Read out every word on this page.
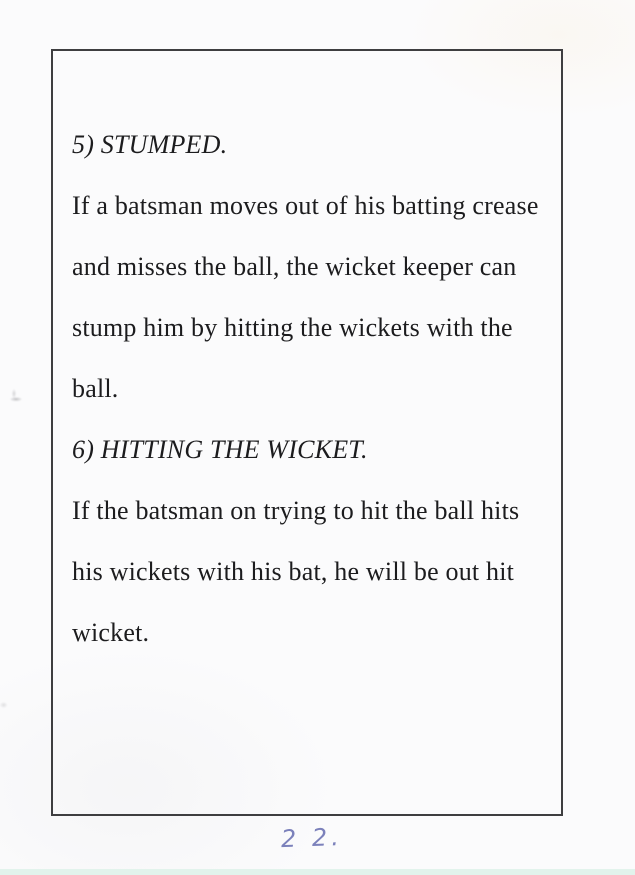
5) STUMPED.
If a batsman moves out of his batting crease
and misses the ball, the wicket keeper can
stump him by hitting the wickets with the
ball.
6) HITTING THE WICKET.
If the batsman on trying to hit the ball hits
his wickets with his bat, he will be out hit
wicket.
2 2.
